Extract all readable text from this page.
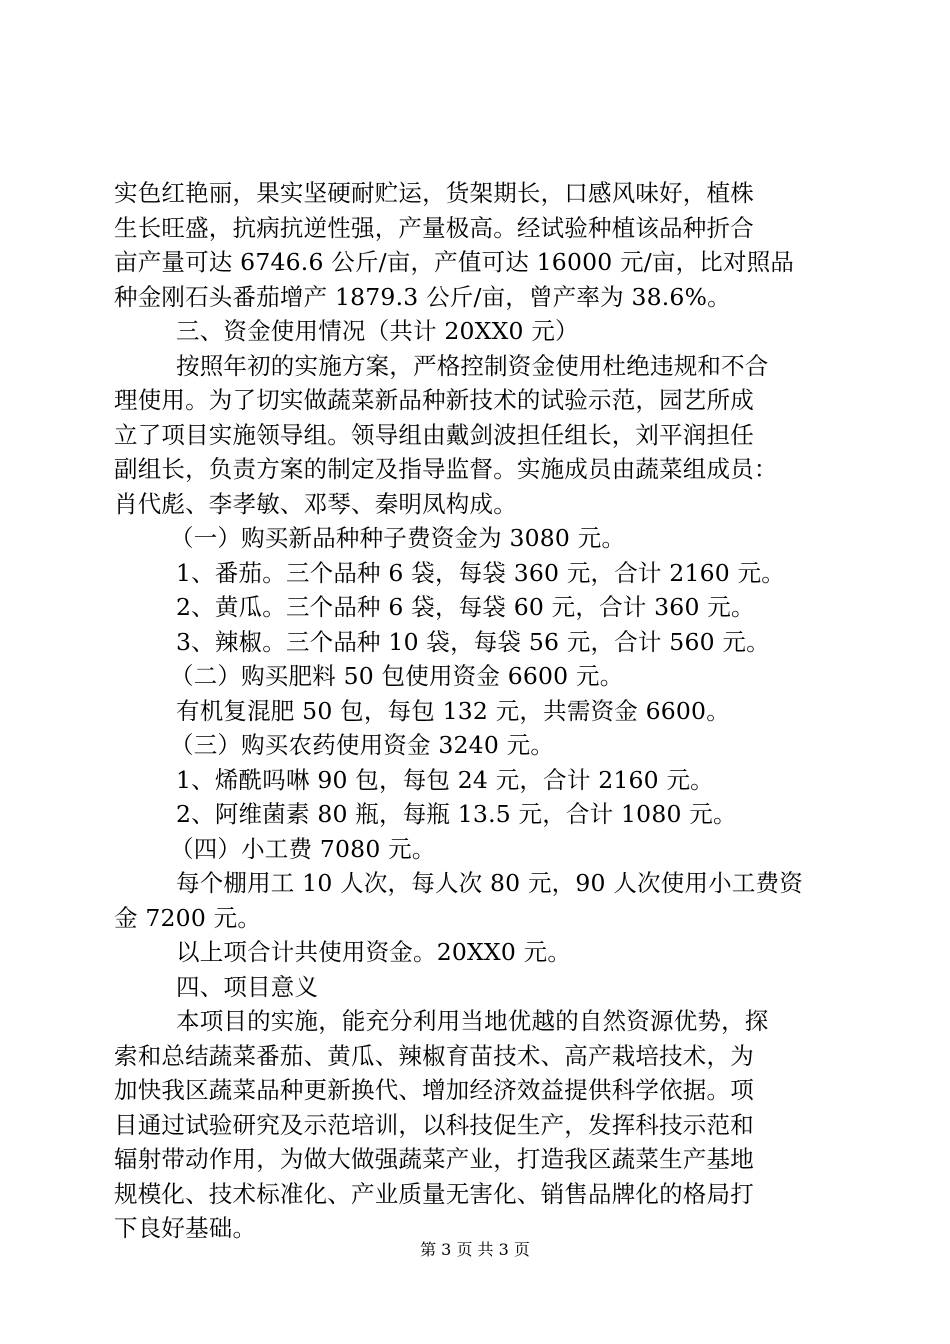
实色红艳丽，果实坚硬耐贮运，货架期长，口感风味好，植株
生长旺盛，抗病抗逆性强，产量极高。经试验种植该品种折合
亩产量可达 6746.6 公斤/亩，产值可达 16000 元/亩，比对照品
种金刚石头番茄增产 1879.3 公斤/亩，曾产率为 38.6%。
三、资金使用情况（共计 20XX0 元）
按照年初的实施方案，严格控制资金使用杜绝违规和不合
理使用。为了切实做蔬菜新品种新技术的试验示范，园艺所成
立了项目实施领导组。领导组由戴剑波担任组长，刘平润担任
副组长，负责方案的制定及指导监督。实施成员由蔬菜组成员：
肖代彪、李孝敏、邓琴、秦明凤构成。
（一）购买新品种种子费资金为 3080 元。
1、番茄。三个品种 6 袋，每袋 360 元，合计 2160 元。
2、黄瓜。三个品种 6 袋，每袋 60 元，合计 360 元。
3、辣椒。三个品种 10 袋，每袋 56 元，合计 560 元。
（二）购买肥料 50 包使用资金 6600 元。
有机复混肥 50 包，每包 132 元，共需资金 6600。
（三）购买农药使用资金 3240 元。
1、烯酰吗啉 90 包，每包 24 元，合计 2160 元。
2、阿维菌素 80 瓶，每瓶 13.5 元，合计 1080 元。
（四）小工费 7080 元。
每个棚用工 10 人次，每人次 80 元，90 人次使用小工费资
金 7200 元。
以上项合计共使用资金。20XX0 元。
四、项目意义
本项目的实施，能充分利用当地优越的自然资源优势，探
索和总结蔬菜番茄、黄瓜、辣椒育苗技术、高产栽培技术，为
加快我区蔬菜品种更新换代、增加经济效益提供科学依据。项
目通过试验研究及示范培训，以科技促生产，发挥科技示范和
辐射带动作用，为做大做强蔬菜产业，打造我区蔬菜生产基地
规模化、技术标准化、产业质量无害化、销售品牌化的格局打
下良好基础。
第 3 页 共 3 页
